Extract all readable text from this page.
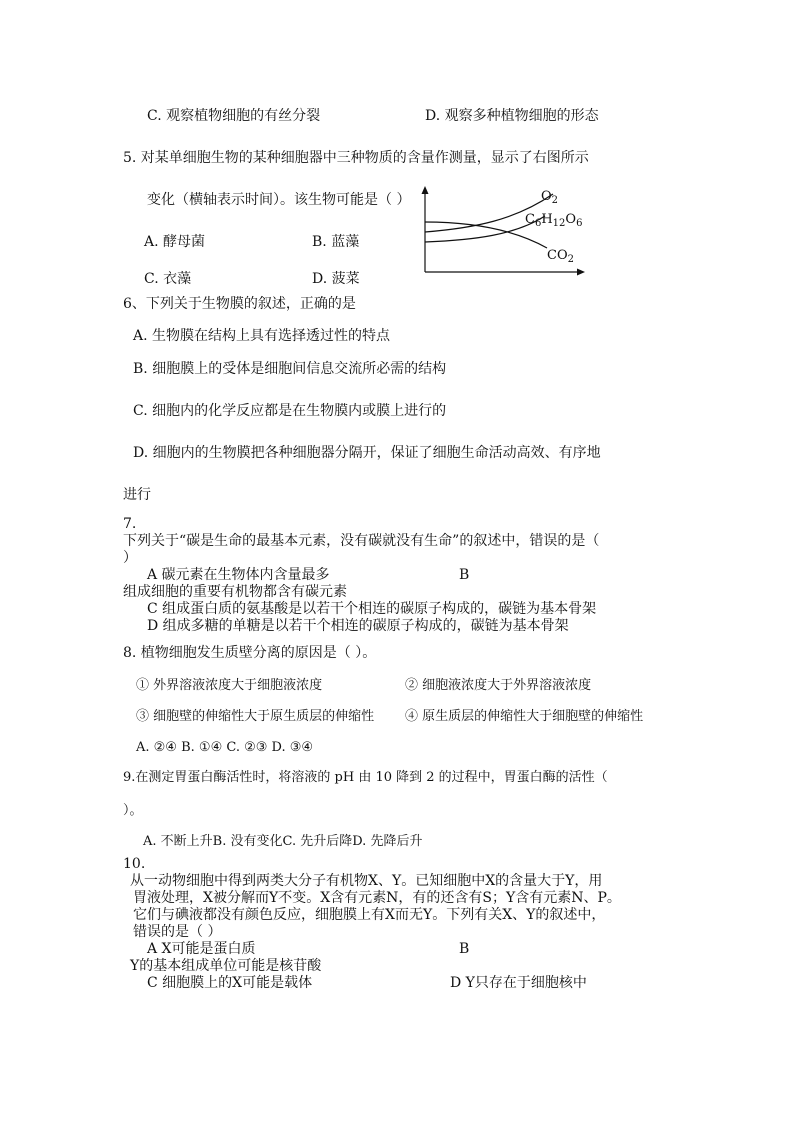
C. 观察植物细胞的有丝分裂	D. 观察多种植物细胞的形态
5. 对某单细胞生物的某种细胞器中三种物质的含量作测量，显示了右图所示
变化（横轴表示时间）。该生物可能是（ ）
A. 酵母菌	B. 蓝藻
C. 衣藻	D. 菠菜
$O_2$
$C_6H_{12}O_6$
$CO_2$
6、下列关于生物膜的叙述，正确的是
A. 生物膜在结构上具有选择透过性的特点
B. 细胞膜上的受体是细胞间信息交流所必需的结构
C. 细胞内的化学反应都是在生物膜内或膜上进行的
D. 细胞内的生物膜把各种细胞器分隔开，保证了细胞生命活动高效、有序地
进行
7.
下列关于“碳是生命的最基本元素，没有碳就没有生命”的叙述中，错误的是（
）
A 碳元素在生物体内含量最多	B
组成细胞的重要有机物都含有碳元素
C 组成蛋白质的氨基酸是以若干个相连的碳原子构成的，碳链为基本骨架
D 组成多糖的单糖是以若干个相连的碳原子构成的，碳链为基本骨架
8. 植物细胞发生质壁分离的原因是（ ）。
① 外界溶液浓度大于细胞液浓度	② 细胞液浓度大于外界溶液浓度
③ 细胞壁的伸缩性大于原生质层的伸缩性 ④ 原生质层的伸缩性大于细胞壁的伸缩性
A. ②④ B. ①④ C. ②③ D. ③④
9.在测定胃蛋白酶活性时，将溶液的 pH 由 10 降到 2 的过程中，胃蛋白酶的活性（
）。
A. 不断上升B. 没有变化C. 先升后降D. 先降后升
10.
从一动物细胞中得到两类大分子有机物X、Y。已知细胞中X的含量大于Y，用
胃液处理，X被分解而Y不变。X含有元素N，有的还含有S；Y含有元素N、P。
它们与碘液都没有颜色反应，细胞膜上有X而无Y。下列有关X、Y的叙述中，
错误的是（ ）
A X可能是蛋白质	B
Y的基本组成单位可能是核苷酸
C 细胞膜上的X可能是载体	D Y只存在于细胞核中
